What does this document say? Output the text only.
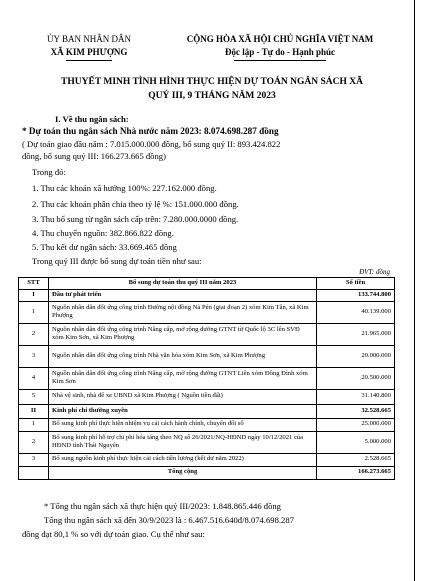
ỦY BAN NHÂN DÂN
XÃ KIM PHƯỢNG
CỘNG HÒA XÃ HỘI CHỦ NGHĨA VIỆT NAM
Độc lập - Tự do - Hạnh phúc
THUYẾT MINH TÌNH HÌNH THỰC HIỆN DỰ TOÁN NGÂN SÁCH XÃ
QUÝ III, 9 THÁNG NĂM 2023
I. Về thu ngân sách:
* Dự toán thu ngân sách Nhà nước năm 2023: 8.074.698.287 đồng
( Dự toán giao đầu năm : 7.015.000.000 đồng, bổ sung quý II: 893.424.822
đồng, bổ sung quý III: 166.273.665 đồng)
Trong đó:
1. Thu các khoản xã hưởng 100%: 227.162.000 đồng.
2. Thu các khoản phân chia theo tỷ lệ %: 151.000.000 đồng.
3. Thu bổ sung từ ngân sách cấp trên: 7.280.000.0000 đồng.
4. Thu chuyển nguồn: 382.866.822 đồng.
5. Thu kết dư ngân sách: 33.669.465 đồng
Trong quý III được bổ sung dự toán tiền như sau:
ĐVT: đồng
STT	Bổ sung dự toán thu quý III năm 2023	Số tiền
I	Đầu tư phát triển	133.744.800
1	Nguồn nhân dân đối ứng công trình Đường nội đồng Nà Pén (giai đoạn 2) xóm Kim Tân, xã Kim Phượng	40.139.000
2	Nguồn nhân dân đối ứng công trình Nâng cấp, mở rộng đường GTNT từ Quốc lộ 3C lên SVĐ xóm Kim Sơn, xã Kim Phượng	21.965.000
3	Nguồn nhân dân đối ứng công trình Nhà văn hóa xóm Kim Sơn, xã Kim Phượng	20.000.000
4	Nguồn nhân dân đối ứng công trình Nâng cấp, mở rộng đường GTNT Liên xóm Đồng Đình xóm Kim Sơn	20.500.000
5	Nhà vệ sinh, nhà để xe UBND xã Kim Phượng ( Nguồn tiền đất)	31.140.800
II	Kinh phí chi thường xuyên	32.528.665
1	Bổ sung kinh phí thực hiện nhiệm vụ cải cách hành chính, chuyển đổi số	25.000.000
2	Bổ sung kinh phí hỗ trợ chi phí hóa táng theo NQ số 26/2021/NQ-HĐND ngày 10/12/2021 của HĐND tỉnh Thái Nguyên	5.000.000
3	Bổ sung nguồn kinh phí thực hiện cải cách tiền lương (kết dư năm 2022)	2.528.665
	Tổng cộng	166.273.665
* Tổng thu ngân sách xã thực hiện quý III/2023: 1.848.865.446 đồng
Tổng thu ngân sách xã đến 30/9/2023 là : 6.467.516.640đ/8.074.698.287
đồng đạt 80,1 % so với dự toán giao. Cụ thể như sau:
